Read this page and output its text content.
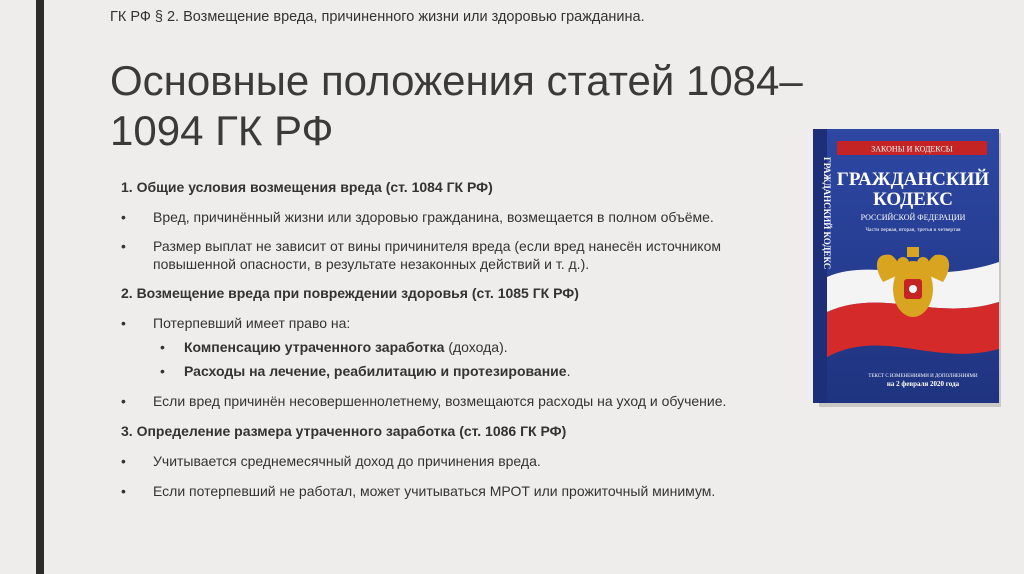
ГК РФ § 2. Возмещение вреда, причиненного жизни или здоровью гражданина.
Основные положения статей 1084–
1094 ГК РФ
1. Общие условия возмещения вреда (ст. 1084 ГК РФ)
• Вред, причинённый жизни или здоровью гражданина, возмещается в полном объёме.
• Размер выплат не зависит от вины причинителя вреда (если вред нанесён источником
повышенной опасности, в результате незаконных действий и т. д.).
2. Возмещение вреда при повреждении здоровья (ст. 1085 ГК РФ)
• Потерпевший имеет право на:
• Компенсацию утраченного заработка (дохода).
• Расходы на лечение, реабилитацию и протезирование.
• Если вред причинён несовершеннолетнему, возмещаются расходы на уход и обучение.
3. Определение размера утраченного заработка (ст. 1086 ГК РФ)
• Учитывается среднемесячный доход до причинения вреда.
• Если потерпевший не работал, может учитываться МРОТ или прожиточный минимум.
ЗАКОНЫ И КОДЕКСЫ
ГРАЖДАНСКИЙ
КОДЕКС
РОССИЙСКОЙ ФЕДЕРАЦИИ
Части первая, вторая, третья и четвертая
ТЕКСТ С ИЗМЕНЕНИЯМИ И ДОПОЛНЕНИЯМИ
на 2 февраля 2020 года
ГРАЖДАНСКИЙ КОДЕКС
